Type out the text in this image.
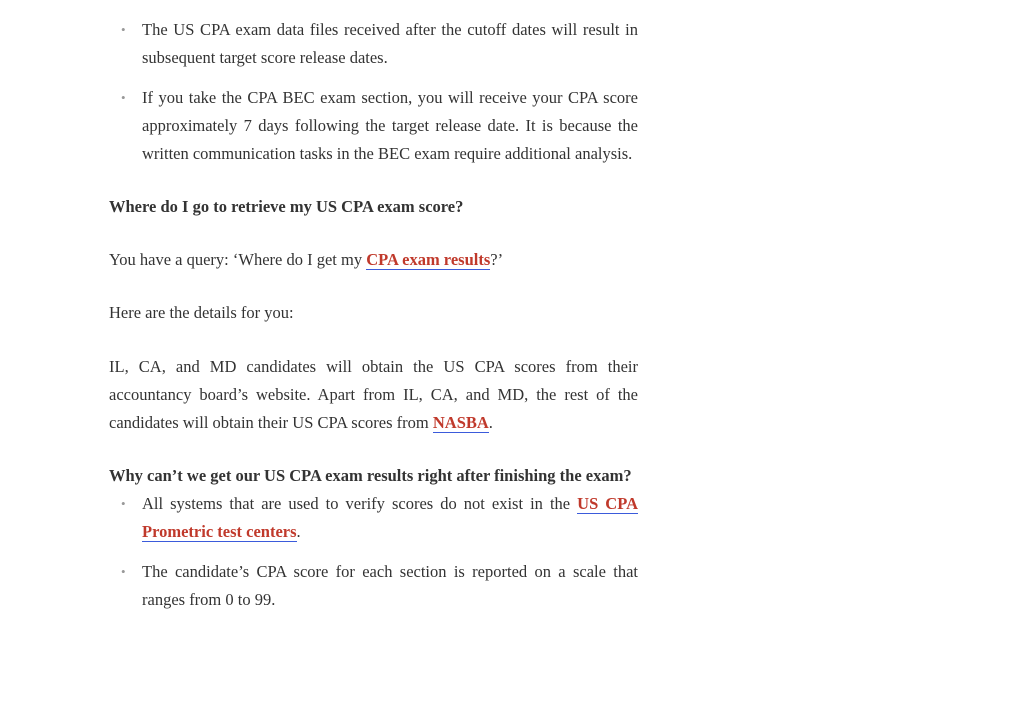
• The US CPA exam data files received after the cutoff dates will result in subsequent target score release dates.
• If you take the CPA BEC exam section, you will receive your CPA score approximately 7 days following the target release date. It is because the written communication tasks in the BEC exam require additional analysis.

Where do I go to retrieve my US CPA exam score?

You have a query: ‘Where do I get my CPA exam results?’

Here are the details for you:

IL, CA, and MD candidates will obtain the US CPA scores from their accountancy board’s website. Apart from IL, CA, and MD, the rest of the candidates will obtain their US CPA scores from NASBA.

Why can’t we get our US CPA exam results right after finishing the exam?

• All systems that are used to verify scores do not exist in the US CPA Prometric test centers.
• The candidate’s CPA score for each section is reported on a scale that ranges from 0 to 99.
